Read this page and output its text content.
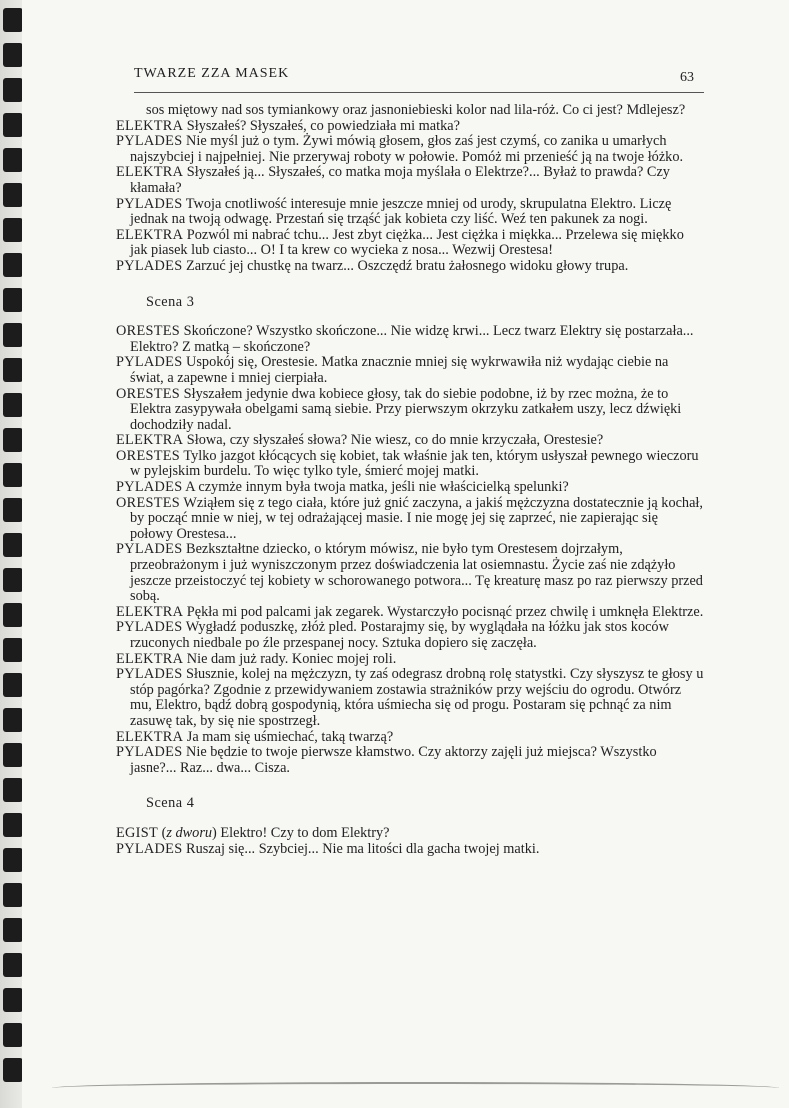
TWARZE ZZA MASEK	63

sos miętowy nad sos tymiankowy oraz jasnoniebieski kolor nad lila-róż. Co ci jest? Mdlejesz?

ELEKTRA Słyszałeś? Słyszałeś, co powiedziała mi matka?

PYLADES Nie myśl już o tym. Żywi mówią głosem, głos zaś jest czymś, co zanika u umarłych najszybciej i najpełniej. Nie przerywaj roboty w połowie. Pomóż mi przenieść ją na twoje łóżko.

ELEKTRA Słyszałeś ją... Słyszałeś, co matka moja myślała o Elektrze?... Byłaż to prawda? Czy kłamała?

PYLADES Twoja cnotliwość interesuje mnie jeszcze mniej od urody, skrupulatna Elektro. Liczę jednak na twoją odwagę. Przestań się trząść jak kobieta czy liść. Weź ten pakunek za nogi.

ELEKTRA Pozwól mi nabrać tchu... Jest zbyt ciężka... Jest ciężka i miękka... Przelewa się miękko jak piasek lub ciasto... O! I ta krew co wycieka z nosa... Wezwij Orestesa!

PYLADES Zarzuć jej chustkę na twarz... Oszczędź bratu żałosnego widoku głowy trupa.

Scena 3

ORESTES Skończone? Wszystko skończone... Nie widzę krwi... Lecz twarz Elektry się postarzała... Elektro? Z matką – skończone?

PYLADES Uspokój się, Orestesie. Matka znacznie mniej się wykrwawiła niż wydając ciebie na świat, a zapewne i mniej cierpiała.

ORESTES Słyszałem jedynie dwa kobiece głosy, tak do siebie podobne, iż by rzec można, że to Elektra zasypywała obelgami samą siebie. Przy pierwszym okrzyku zatkałem uszy, lecz dźwięki dochodziły nadal.

ELEKTRA Słowa, czy słyszałeś słowa? Nie wiesz, co do mnie krzyczała, Orestesie?

ORESTES Tylko jazgot kłócących się kobiet, tak właśnie jak ten, którym usłyszał pewnego wieczoru w pylejskim burdelu. To więc tylko tyle, śmierć mojej matki.

PYLADES A czymże innym była twoja matka, jeśli nie właścicielką spelunki?

ORESTES Wziąłem się z tego ciała, które już gnić zaczyna, a jakiś mężczyzna dostatecznie ją kochał, by począć mnie w niej, w tej odrażającej masie. I nie mogę jej się zaprzeć, nie zapierając się połowy Orestesa...

PYLADES Bezkształtne dziecko, o którym mówisz, nie było tym Orestesem dojrzałym, przeobrażonym i już wyniszczonym przez doświadczenia lat osiemnastu. Życie zaś nie zdążyło jeszcze przeistoczyć tej kobiety w schorowanego potwora... Tę kreaturę masz po raz pierwszy przed sobą.

ELEKTRA Pękła mi pod palcami jak zegarek. Wystarczyło pocisnąć przez chwilę i umknęła Elektrze.

PYLADES Wygładź poduszkę, złóż pled. Postarajmy się, by wyglądała na łóżku jak stos koców rzuconych niedbale po źle przespanej nocy. Sztuka dopiero się zaczęła.

ELEKTRA Nie dam już rady. Koniec mojej roli.

PYLADES Słusznie, kolej na mężczyzn, ty zaś odegrasz drobną rolę statystki. Czy słyszysz te głosy u stóp pagórka? Zgodnie z przewidywaniem zostawia strażników przy wejściu do ogrodu. Otwórz mu, Elektro, bądź dobrą gospodynią, która uśmiecha się od progu. Postaram się pchnąć za nim zasuwę tak, by się nie spostrzegł.

ELEKTRA Ja mam się uśmiechać, taką twarzą?

PYLADES Nie będzie to twoje pierwsze kłamstwo. Czy aktorzy zajęli już miejsca? Wszystko jasne?... Raz... dwa... Cisza.

Scena 4

EGIST (z dworu) Elektro! Czy to dom Elektry?

PYLADES Ruszaj się... Szybciej... Nie ma litości dla gacha twojej matki.
